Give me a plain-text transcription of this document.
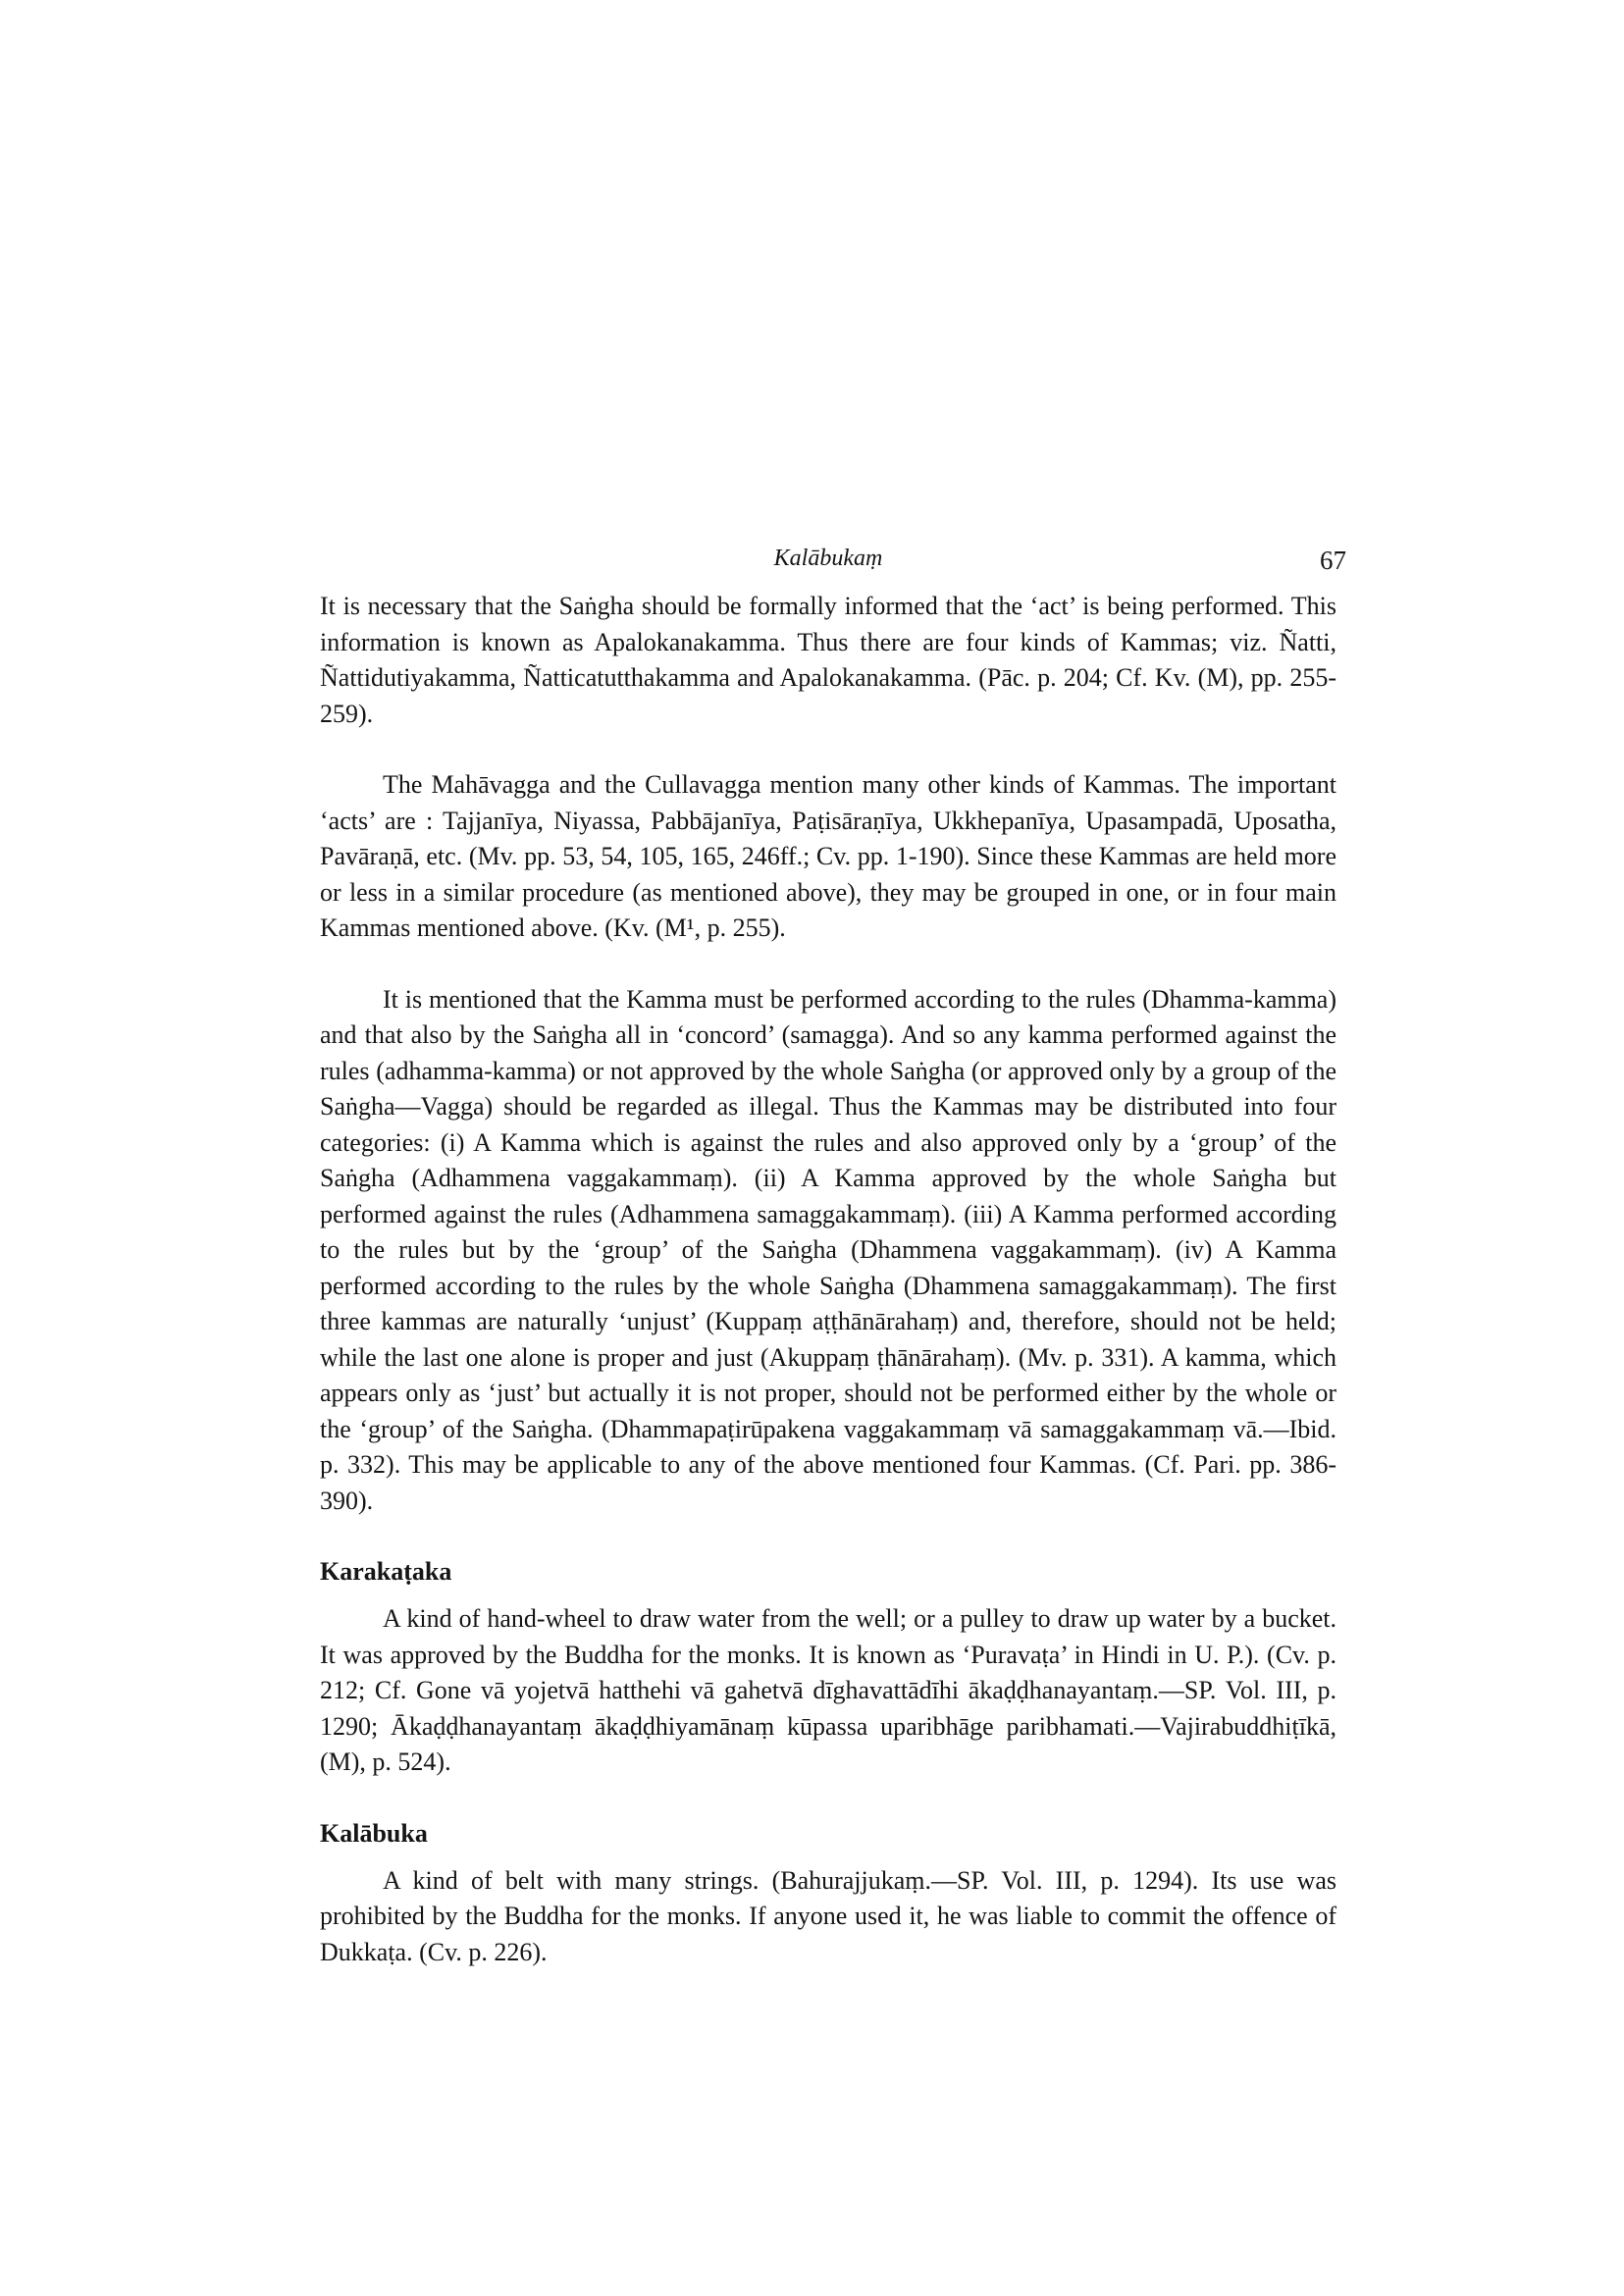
Kalābukaṃ	67

It is necessary that the Saṅgha should be formally informed that the ‘act’ is being performed. This information is known as Apalokanakamma. Thus there are four kinds of Kammas; viz. Ñatti, Ñattidutiyakamma, Ñatticatutthakamma and Apalokanakamma. (Pāc. p. 204; Cf. Kv. (M), pp. 255-259).

The Mahāvagga and the Cullavagga mention many other kinds of Kammas. The important ‘acts’ are : Tajjanīya, Niyassa, Pabbājanīya, Paṭisāraṇīya, Ukkhepanīya, Upasampadā, Uposatha, Pavāraṇā, etc. (Mv. pp. 53, 54, 105, 165, 246ff.; Cv. pp. 1-190). Since these Kammas are held more or less in a similar procedure (as mentioned above), they may be grouped in one, or in four main Kammas mentioned above. (Kv. (M¹, p. 255).

It is mentioned that the Kamma must be performed according to the rules (Dhamma-kamma) and that also by the Saṅgha all in ‘concord’ (samagga). And so any kamma performed against the rules (adhamma-kamma) or not approved by the whole Saṅgha (or approved only by a group of the Saṅgha—Vagga) should be regarded as illegal. Thus the Kammas may be distributed into four categories: (i) A Kamma which is against the rules and also approved only by a ‘group’ of the Saṅgha (Adhammena vaggakammaṃ). (ii) A Kamma approved by the whole Saṅgha but performed against the rules (Adhammena samaggakammaṃ). (iii) A Kamma performed according to the rules but by the ‘group’ of the Saṅgha (Dhammena vaggakammaṃ). (iv) A Kamma performed according to the rules by the whole Saṅgha (Dhammena samaggakammaṃ). The first three kammas are naturally ‘unjust’ (Kuppaṃ aṭṭhānārahaṃ) and, therefore, should not be held; while the last one alone is proper and just (Akuppaṃ ṭhānārahaṃ). (Mv. p. 331). A kamma, which appears only as ‘just’ but actually it is not proper, should not be performed either by the whole or the ‘group’ of the Saṅgha. (Dhammapaṭirūpakena vaggakammaṃ vā samaggakammaṃ vā.—Ibid. p. 332). This may be applicable to any of the above mentioned four Kammas. (Cf. Pari. pp. 386-390).

Karakaṭaka

A kind of hand-wheel to draw water from the well; or a pulley to draw up water by a bucket. It was approved by the Buddha for the monks. It is known as ‘Puravaṭa’ in Hindi in U. P.). (Cv. p. 212; Cf. Gone vā yojetvā hatthehi vā gahetvā dīghavattādīhi ākaḍḍhanayantaṃ.—SP. Vol. III, p. 1290; Ākaḍḍhanayantaṃ ākaḍḍhiyamānaṃ kūpassa uparibhāge paribhamati.—Vajirabuddhiṭīkā, (M), p. 524).

Kalābuka

A kind of belt with many strings. (Bahurajjukaṃ.—SP. Vol. III, p. 1294). Its use was prohibited by the Buddha for the monks. If anyone used it, he was liable to commit the offence of Dukkaṭa. (Cv. p. 226).
